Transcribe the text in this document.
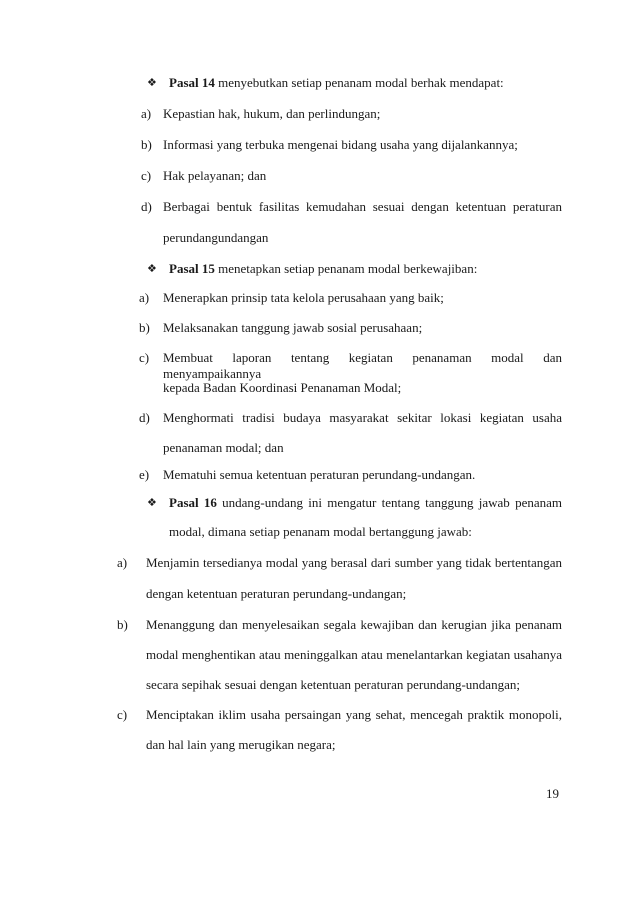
❖ Pasal 14 menyebutkan setiap penanam modal berhak mendapat:
a) Kepastian hak, hukum, dan perlindungan;
b) Informasi yang terbuka mengenai bidang usaha yang dijalankannya;
c) Hak pelayanan; dan
d) Berbagai bentuk fasilitas kemudahan sesuai dengan ketentuan peraturan
perundangundangan
❖ Pasal 15 menetapkan setiap penanam modal berkewajiban:
a) Menerapkan prinsip tata kelola perusahaan yang baik;
b) Melaksanakan tanggung jawab sosial perusahaan;
c) Membuat laporan tentang kegiatan penanaman modal dan menyampaikannya
kepada Badan Koordinasi Penanaman Modal;
d) Menghormati tradisi budaya masyarakat sekitar lokasi kegiatan usaha
penanaman modal; dan
e) Mematuhi semua ketentuan peraturan perundang-undangan.
❖ Pasal 16 undang-undang ini mengatur tentang tanggung jawab penanam
modal, dimana setiap penanam modal bertanggung jawab:
a) Menjamin tersedianya modal yang berasal dari sumber yang tidak bertentangan
dengan ketentuan peraturan perundang-undangan;
b) Menanggung dan menyelesaikan segala kewajiban dan kerugian jika penanam
modal menghentikan atau meninggalkan atau menelantarkan kegiatan usahanya
secara sepihak sesuai dengan ketentuan peraturan perundang-undangan;
c) Menciptakan iklim usaha persaingan yang sehat, mencegah praktik monopoli,
dan hal lain yang merugikan negara;
19
